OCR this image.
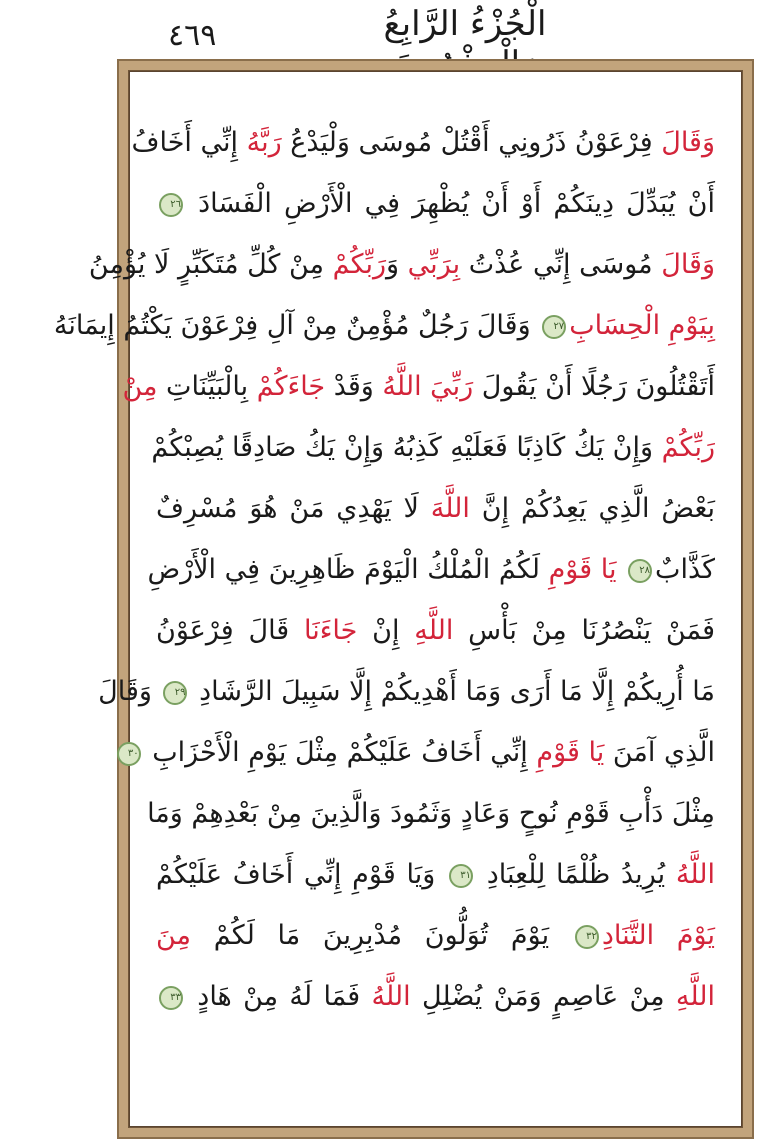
٤٦٩	الْجُزْءُ الرَّابِعُ
وَقَالَ فِرْعَوْنُ ذَرُونِي أَقْتُلْ مُوسَى وَلْيَدْعُ رَبَّهُ إِنِّي أَخَافُ
أَنْ يُبَدِّلَ دِينَكُمْ أَوْ أَنْ يُظْهِرَ فِي الْأَرْضِ الْفَسَادَ ٢٦
وَقَالَ مُوسَى إِنِّي عُذْتُ بِرَبِّي وَرَبِّكُمْ مِنْ كُلِّ مُتَكَبِّرٍ لَا يُؤْمِنُ
بِيَوْمِ الْحِسَابِ٢٧ وَقَالَ رَجُلٌ مُؤْمِنٌ مِنْ آلِ فِرْعَوْنَ يَكْتُمُ إِيمَانَهُ
أَتَقْتُلُونَ رَجُلًا أَنْ يَقُولَ رَبِّيَ اللَّهُ وَقَدْ جَاءَكُمْ بِالْبَيِّنَاتِ مِنْ
رَبِّكُمْ وَإِنْ يَكُ كَاذِبًا فَعَلَيْهِ كَذِبُهُ وَإِنْ يَكُ صَادِقًا يُصِبْكُمْ
بَعْضُ الَّذِي يَعِدُكُمْ إِنَّ اللَّهَ لَا يَهْدِي مَنْ هُوَ مُسْرِفٌ
كَذَّابٌ٢٨ يَا قَوْمِ لَكُمُ الْمُلْكُ الْيَوْمَ ظَاهِرِينَ فِي الْأَرْضِ
فَمَنْ يَنْصُرُنَا مِنْ بَأْسِ اللَّهِ إِنْ جَاءَنَا قَالَ فِرْعَوْنُ
مَا أُرِيكُمْ إِلَّا مَا أَرَى وَمَا أَهْدِيكُمْ إِلَّا سَبِيلَ الرَّشَادِ ٢٩ وَقَالَ
الَّذِي آمَنَ يَا قَوْمِ إِنِّي أَخَافُ عَلَيْكُمْ مِثْلَ يَوْمِ الْأَحْزَابِ ٣٠
مِثْلَ دَأْبِ قَوْمِ نُوحٍ وَعَادٍ وَثَمُودَ وَالَّذِينَ مِنْ بَعْدِهِمْ وَمَا
اللَّهُ يُرِيدُ ظُلْمًا لِلْعِبَادِ ٣١ وَيَا قَوْمِ إِنِّي أَخَافُ عَلَيْكُمْ
يَوْمَ التَّنَادِ٣٢ يَوْمَ تُوَلُّونَ مُدْبِرِينَ مَا لَكُمْ مِنَ
اللَّهِ مِنْ عَاصِمٍ وَمَنْ يُضْلِلِ اللَّهُ فَمَا لَهُ مِنْ هَادٍ ٣٣
